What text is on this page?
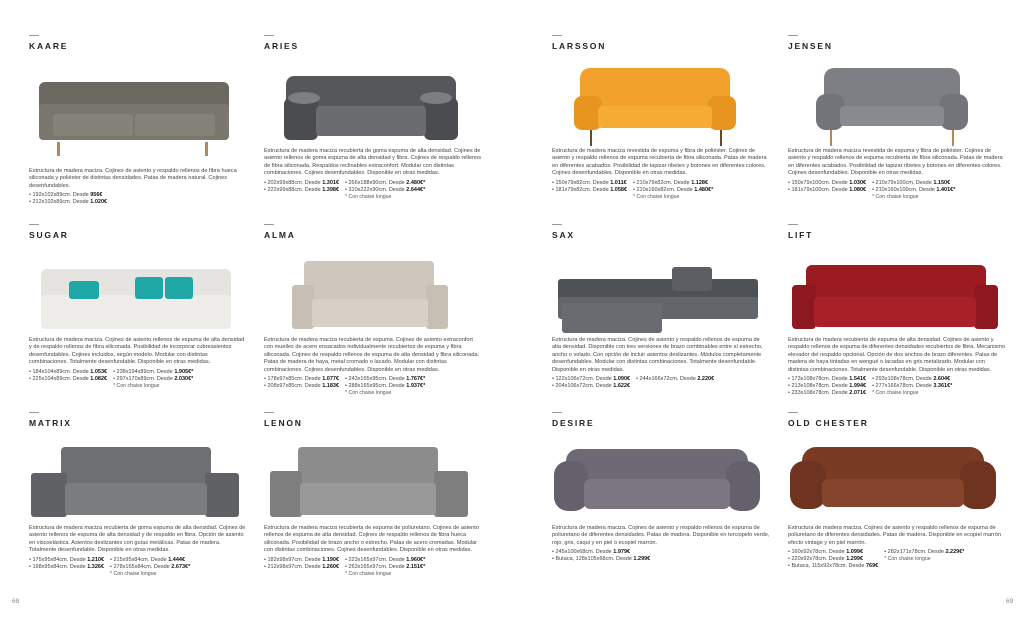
68	69
KAARE
Estructura de madera maciza. Cojines de asiento y respaldo rellenos de fibra hueca siliconada y poliéster de distintas densidades. Patas de madera natural. Cojines desenfundables.
• 192x102x89cm. Desde 956€
• 212x102x89cm. Desde 1.020€
ARIES
Estructura de madera maciza recubierta de goma espuma de alta densidad. Cojines de asiento rellenos de goma espuma de alta densidad y fibra. Cojines de respaldo rellenos de fibra siliconada. Respaldos reclinables extraconfort. Modular con distintas combinaciones. Cojines desenfundables. Disponible en otras medidas.
• 202x99x88cm. Desde 1.301€
• 222x99x88cm. Desde 1.398€
• 266x188x90cm. Desde 2.480€*
• 310x222x90cm. Desde 2.644€*
* Con chaise longue
LARSSON
Estructura de madera maciza revestida de espuma y fibra de poliéster. Cojines de asiento y respaldo rellenos de espuma recubierta de fibra siliconada. Patas de madera en diferentes acabados. Posibilidad de tapizar ribetes y botones en diferentes colores. Cojines desenfundables. Disponible en otras medidas.
• 150x79x82cm. Desde 1.011€
• 181x79x82cm. Desde 1.058€
• 210x79x82cm. Desde 1.128€
• 210x160x82cm. Desde 1.480€*
* Con chaise longue
JENSEN
Estructura de madera maciza revestida de espuma y fibra de poliéster. Cojines de asiento y respaldo rellenos de espuma recubierta de fibra siliconada. Patas de madera en diferentes acabados. Posibilidad de tapizar ribetes y botones en diferentes colores. Cojines desenfundables. Disponible en otras medidas.
• 150x79x100cm. Desde 1.030€
• 181x79x100cm. Desde 1.080€
• 210x79x100cm. Desde 1.150€
• 210x160x100cm. Desde 1.401€*
* Con chaise longue
SUGAR
Estructura de madera maciza. Cojines de asiento rellenos de espuma de alta densidad y de respaldo rellenos de fibra siliconada. Posibilidad de incorporar cubreasientos desenfundables. Cojines incluidos, según modelo. Modular con distintas combinaciones. Totalmente desenfundable. Disponible en otras medidas.
• 184x104x89cm. Desde 1.053€
• 225x104x89cm. Desde 1.082€
• 238x194x89cm. Desde 1.905€*
• 297x170x89cm. Desde 2.030€*
* Con chaise longue
ALMA
Estructura de madera maciza recubierta de espuma. Cojines de asiento extraconfort con muelles de acero ensacados individualmente recubiertos de espuma y fibra siliconada. Cojines de respaldo rellenos de espuma de alta densidad y fibra siliconada. Patas de madera de haya, metal cromado o lacado. Modular con distintas combinaciones. Cojines desenfundables. Disponible en otras medidas.
• 178x97x85cm. Desde 1.077€
• 208x97x85cm. Desde 1.183€
• 243x165x95cm. Desde 1.767€*
• 288x165x95cm. Desde 1.937€*
* Con chaise longue
SAX
Estructura de madera maciza. Cojines de asiento y respaldo rellenos de espuma de alta densidad. Disponible con tres versiones de brazo combinables entre sí estrecho, ancho o volado. Con opción de incluir asientos deslizantes. Módulos completamente desenfundables. Modular con distintas combinaciones. Totalmente desenfundable. Disponible en otras medidas.
• 122x106x72cm. Desde 1.090€
• 204x106x72cm. Desde 1.622€
• 244x166x72cm. Desde 2.220€
LIFT
Estructura de madera recubierta de espuma de alta densidad. Cojines de asiento y respaldo rellenos de espuma de diferentes densidades recubiertos de fibra. Mecanismo elevador del respaldo opcional. Opción de dos anchos de brazo diferentes. Patas de madera de haya tintadas en wengué o lacadas en gris metalizado. Modular con distintas combinaciones. Totalmente desenfundable. Disponible en otras medidas.
• 173x108x78cm. Desde 1.541€
• 213x108x78cm. Desde 1.994€
• 233x108x78cm. Desde 2.071€
• 293x108x78cm. Desde 2.604€
• 277x166x78cm. Desde 3.361€*
* Con chaise longue
MATRIX
Estructura de madera maciza recubierta de goma espuma de alta densidad. Cojines de asiento rellenos de espuma de alta densidad y de respaldo en fibra. Opción de asiento en viscoelástica. Asientos deslizantes con guías metálicas. Patas de madera. Totalmente desenfundable. Disponible en otras medidas.
• 175x95x84cm. Desde 1.210€
• 198x95x84cm. Desde 1.326€
• 215x95x84cm. Desde 1.444€
• 278x165x84cm. Desde 2.673€*
* Con chaise longue
LENON
Estructura de madera maciza recubierta de espuma de poliuretano. Cojines de asiento rellenos de espuma de alta densidad. Cojines de respaldo rellenos de fibra hueca siliconada. Posibilidad de brazo ancho o estrecho. Patas de acero cromadas. Modular con distintas combinaciones. Cojines desenfundables. Disponible en otras medidas.
• 182x98x97cm. Desde 1.190€
• 212x98x97cm. Desde 1.260€
• 223x165x97cm. Desde 1.960€*
• 263x165x97cm. Desde 2.151€*
* Con chaise longue
DESIRE
Estructura de madera maciza. Cojines de asiento y respaldo rellenos de espuma de poliuretano de diferentes densidades. Patas de madera. Disponible en terciopelo verde, rojo, gris, caqui y en piel o ecopiel marrón.
• 245x100x68cm. Desde 1.979€
• Butaca, 128x105x68cm. Desde 1.299€
OLD CHESTER
Estructura de madera maciza. Cojines de asiento y respaldo rellenos de espuma de poliuretano de diferentes densidades. Patas de madera. Disponible en ecopiel marrón efecto vintage y en piel marrón.
• 160x92x78cm. Desde 1.099€
• 220x92x78cm. Desde 1.299€
• Butaca, 115x92x78cm. Desde 769€
• 282x171x78cm. Desde 2.229€*
* Con chaise longue
